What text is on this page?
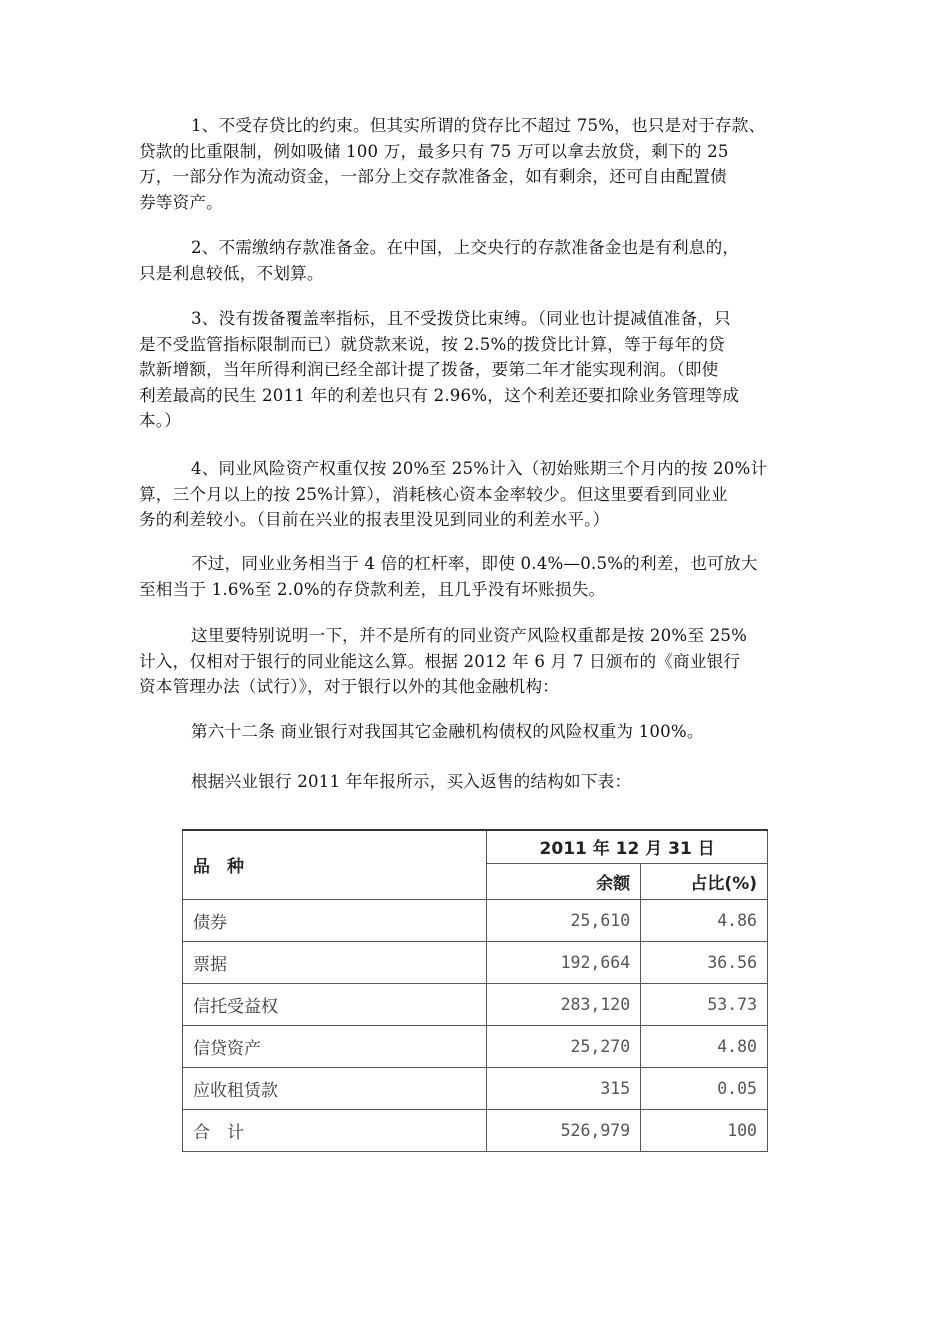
1、不受存贷比的约束。但其实所谓的贷存比不超过 75%，也只是对于存款、
贷款的比重限制，例如吸储 100 万，最多只有 75 万可以拿去放贷，剩下的 25
万，一部分作为流动资金，一部分上交存款准备金，如有剩余，还可自由配置债
券等资产。
2、不需缴纳存款准备金。在中国，上交央行的存款准备金也是有利息的，
只是利息较低，不划算。
3、没有拨备覆盖率指标，且不受拨贷比束缚。（同业也计提减值准备，只
是不受监管指标限制而已）就贷款来说，按 2.5%的拨贷比计算，等于每年的贷
款新增额，当年所得利润已经全部计提了拨备，要第二年才能实现利润。（即使
利差最高的民生 2011 年的利差也只有 2.96%，这个利差还要扣除业务管理等成
本。）
4、同业风险资产权重仅按 20%至 25%计入（初始账期三个月内的按 20%计
算，三个月以上的按 25%计算），消耗核心资本金率较少。但这里要看到同业业
务的利差较小。（目前在兴业的报表里没见到同业的利差水平。）
不过，同业业务相当于 4 倍的杠杆率，即使 0.4%—0.5%的利差，也可放大
至相当于 1.6%至 2.0%的存贷款利差，且几乎没有坏账损失。
这里要特别说明一下，并不是所有的同业资产风险权重都是按 20%至 25%
计入，仅相对于银行的同业能这么算。根据 2012 年 6 月 7 日颁布的《商业银行
资本管理办法（试行）》，对于银行以外的其他金融机构：
第六十二条 商业银行对我国其它金融机构债权的风险权重为 100%。
根据兴业银行 2011 年年报所示，买入返售的结构如下表：
品　种	2011 年 12 月 31 日	
	余额	占比(%)
债券	25,610	4.86
票据	192,664	36.56
信托受益权	283,120	53.73
信贷资产	25,270	4.80
应收租赁款	315	0.05
合　计	526,979	100
